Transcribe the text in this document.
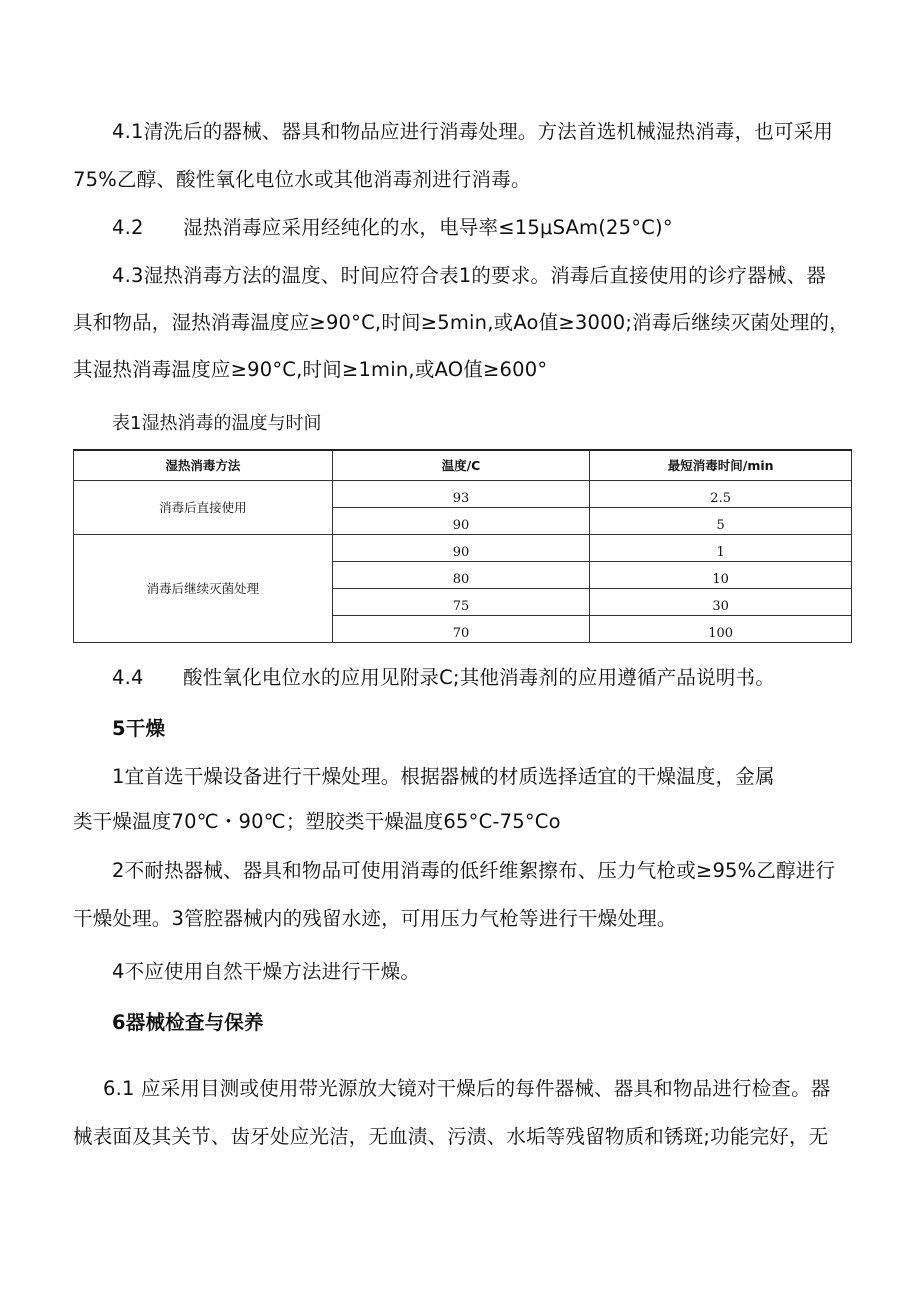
4.1清洗后的器械、器具和物品应进行消毒处理。方法首选机械湿热消毒，也可采用
75%乙醇、酸性氧化电位水或其他消毒剂进行消毒。
4.2　　湿热消毒应采用经纯化的水，电导率≤15μSAm(25°C)°
4.3湿热消毒方法的温度、时间应符合表1的要求。消毒后直接使用的诊疗器械、器
具和物品，湿热消毒温度应≥90°C,时间≥5min,或Ao值≥3000;消毒后继续灭菌处理的，
其湿热消毒温度应≥90°C,时间≥1min,或AO值≥600°
表1湿热消毒的温度与时间
湿热消毒方法	温度/C	最短消毒时间/min
消毒后直接使用	93	2.5
	90	5
消毒后继续灭菌处理	90	1
	80	10
	75	30
	70	100
4.4　　酸性氧化电位水的应用见附录C;其他消毒剂的应用遵循产品说明书。
5干燥
1宜首选干燥设备进行干燥处理。根据器械的材质选择适宜的干燥温度，金属
类干燥温度70℃・90℃；塑胶类干燥温度65°C-75°Co
2不耐热器械、器具和物品可使用消毒的低纤维絮擦布、压力气枪或≥95%乙醇进行
干燥处理。3管腔器械内的残留水迹，可用压力气枪等进行干燥处理。
4不应使用自然干燥方法进行干燥。
6器械检查与保养
6.1 应采用目测或使用带光源放大镜对干燥后的每件器械、器具和物品进行检查。器
械表面及其关节、齿牙处应光洁，无血渍、污渍、水垢等残留物质和锈斑;功能完好，无
